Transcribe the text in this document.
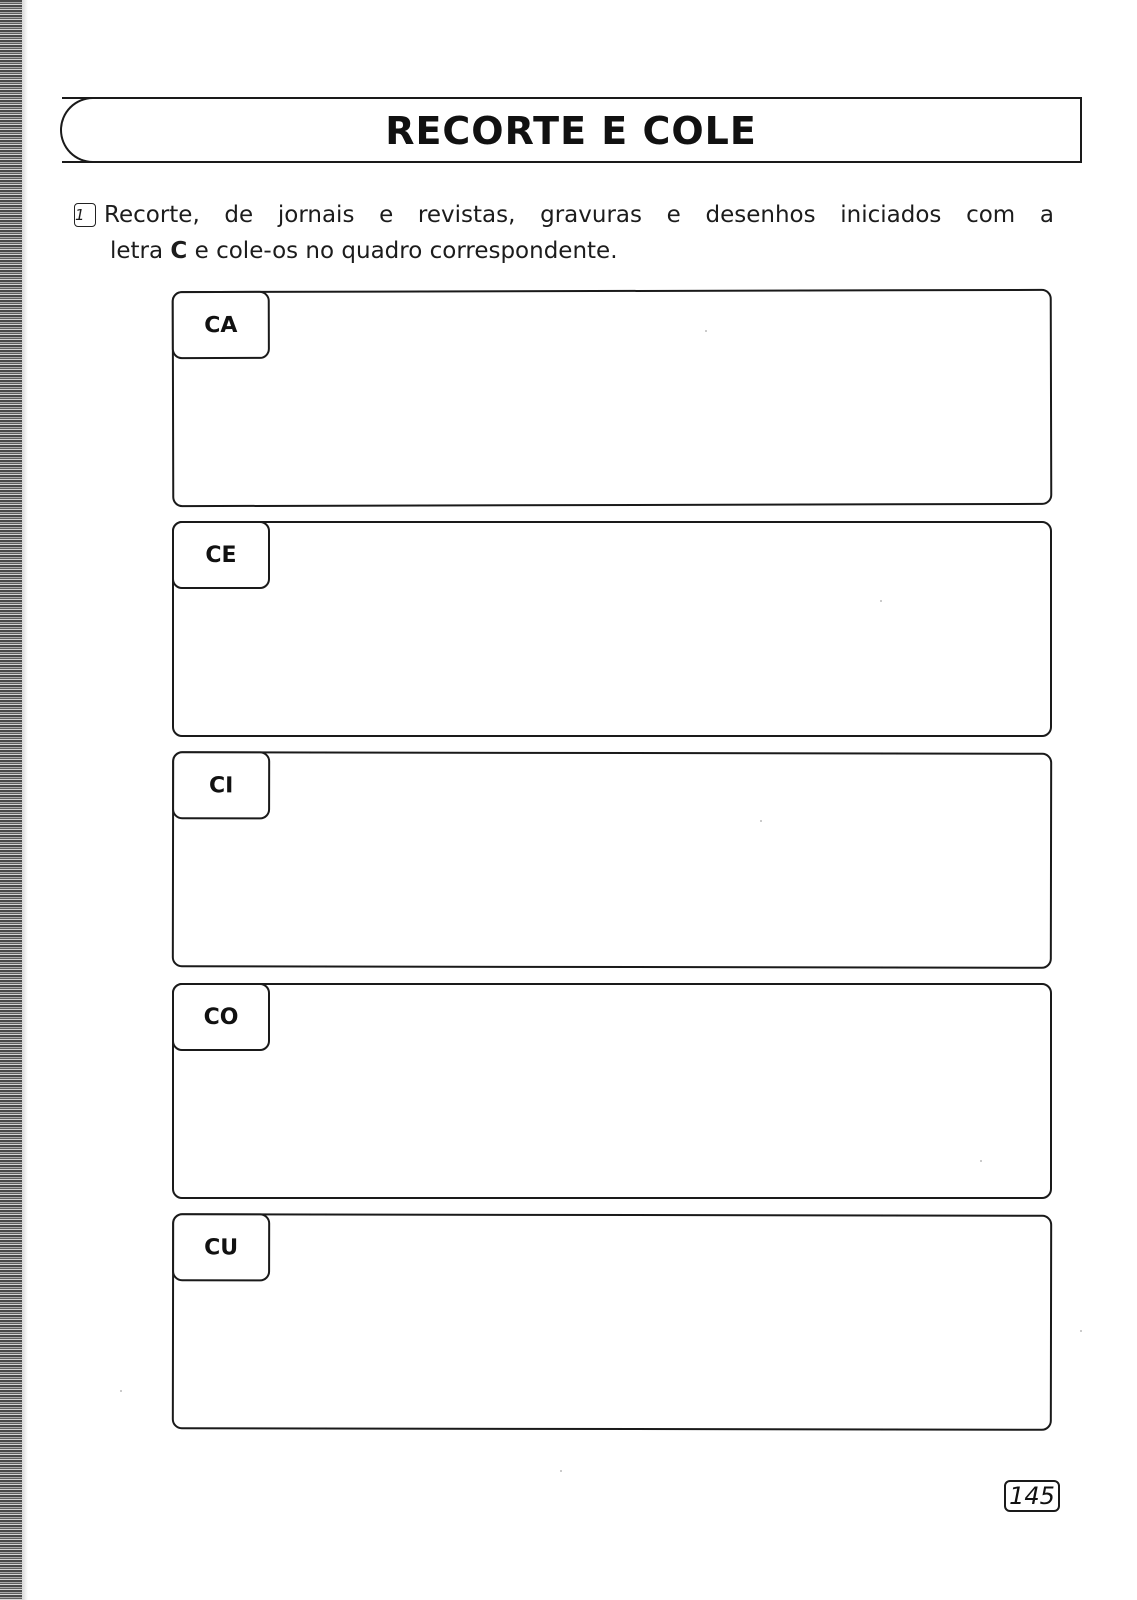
RECORTE E COLE
1 Recorte, de jornais e revistas, gravuras e desenhos iniciados com a
letra C e cole-os no quadro correspondente.
CA
CE
CI
CO
CU
145
